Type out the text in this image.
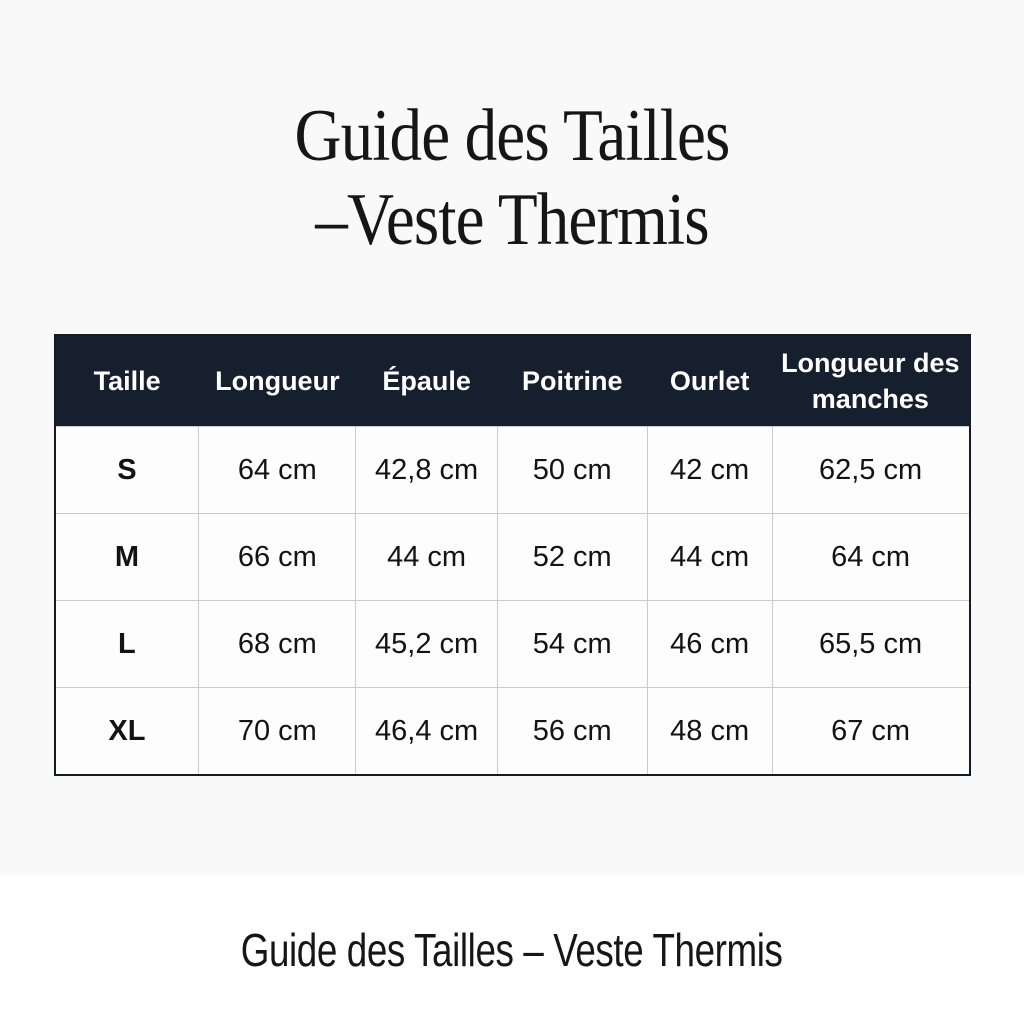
Guide des Tailles
–Veste Thermis
Taille	Longueur	Épaule	Poitrine	Ourlet	Longueur des manches
S	64 cm	42,8 cm	50 cm	42 cm	62,5 cm
M	66 cm	44 cm	52 cm	44 cm	64 cm
L	68 cm	45,2 cm	54 cm	46 cm	65,5 cm
XL	70 cm	46,4 cm	56 cm	48 cm	67 cm

Guide des Tailles – Veste Thermis
